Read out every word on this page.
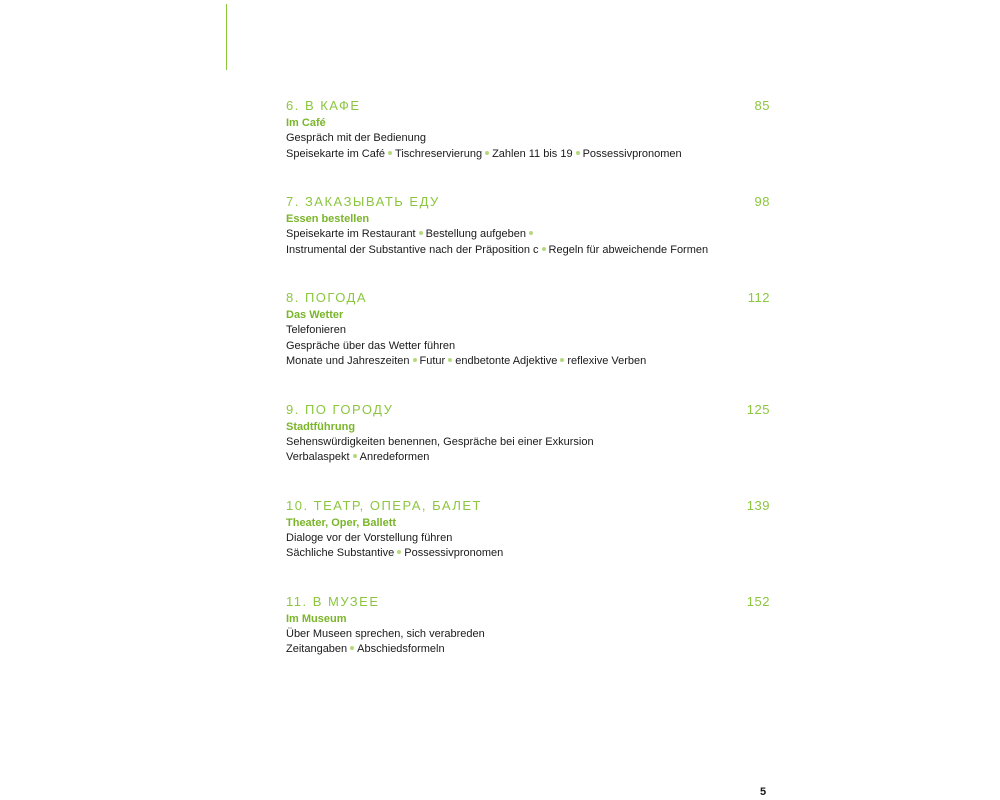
6. В КАФЕ	85
Im Café
Gespräch mit der Bedienung
Speisekarte im Café Tischreservierung Zahlen 11 bis 19 Possessivpronomen
7. ЗАКАЗЫВАТЬ ЕДУ	98
Essen bestellen
Speisekarte im Restaurant Bestellung aufgeben
Instrumental der Substantive nach der Präposition с Regeln für abweichende Formen
8. ПОГОДА	112
Das Wetter
Telefonieren
Gespräche über das Wetter führen
Monate und Jahreszeiten Futur endbetonte Adjektive reflexive Verben
9. ПО ГОРОДУ	125
Stadtführung
Sehenswürdigkeiten benennen, Gespräche bei einer Exkursion
Verbalaspekt Anredeformen
10. ТЕАТР, ОПЕРА, БАЛЕТ	139
Theater, Oper, Ballett
Dialoge vor der Vorstellung führen
Sächliche Substantive Possessivpronomen
11. В МУЗЕЕ	152
Im Museum
Über Museen sprechen, sich verabreden
Zeitangaben Abschiedsformeln
5
